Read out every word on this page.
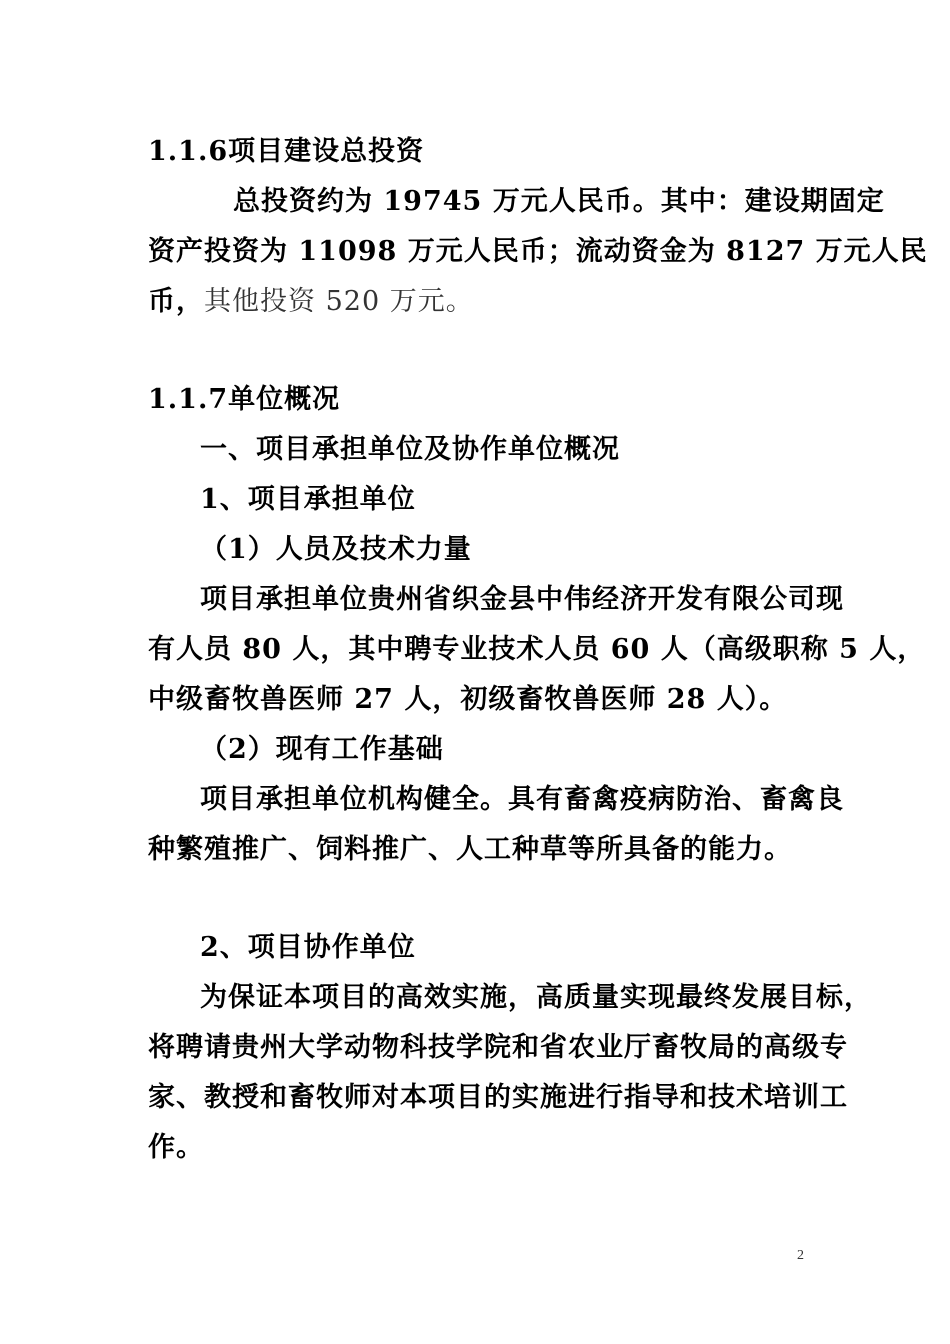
1.1.6项目建设总投资
总投资约为 19745 万元人民币。其中：建设期固定
资产投资为 11098 万元人民币；流动资金为 8127 万元人民
币，其他投资 520 万元。
1.1.7单位概况
一、项目承担单位及协作单位概况
1、项目承担单位
（1）人员及技术力量
项目承担单位贵州省织金县中伟经济开发有限公司现
有人员 80 人，其中聘专业技术人员 60 人（高级职称 5 人，
中级畜牧兽医师 27 人，初级畜牧兽医师 28 人）。
（2）现有工作基础
项目承担单位机构健全。具有畜禽疫病防治、畜禽良
种繁殖推广、饲料推广、人工种草等所具备的能力。
2、项目协作单位
为保证本项目的高效实施，高质量实现最终发展目标，
将聘请贵州大学动物科技学院和省农业厅畜牧局的高级专
家、教授和畜牧师对本项目的实施进行指导和技术培训工
作。
2
